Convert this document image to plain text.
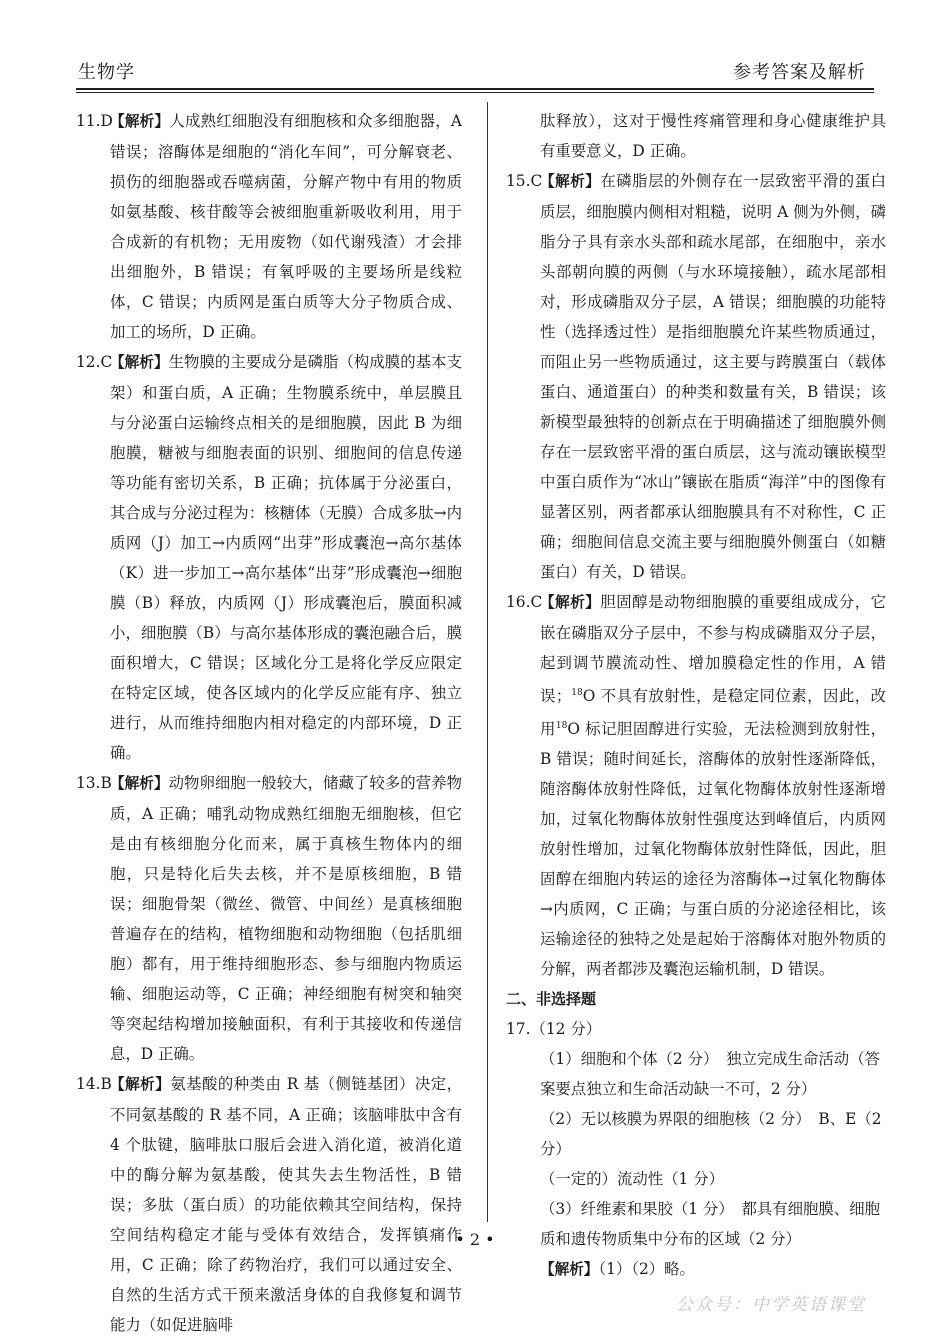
生物学	参考答案及解析
11.D
【解析】人成熟红细胞没有细胞核和众多细胞器，A 错误；溶酶体是细胞的“消化车间”，可分解衰老、损伤的细胞器或吞噬病菌，分解产物中有用的物质如氨基酸、核苷酸等会被细胞重新吸收利用，用于合成新的有机物；无用废物（如代谢残渣）才会排出细胞外，B 错误；有氧呼吸的主要场所是线粒体，C 错误；内质网是蛋白质等大分子物质合成、加工的场所，D 正确。
12.C
【解析】生物膜的主要成分是磷脂（构成膜的基本支架）和蛋白质，A 正确；生物膜系统中，单层膜且与分泌蛋白运输终点相关的是细胞膜，因此 B 为细胞膜，糖被与细胞表面的识别、细胞间的信息传递等功能有密切关系，B 正确；抗体属于分泌蛋白，其合成与分泌过程为：核糖体（无膜）合成多肽→内质网（J）加工→内质网“出芽”形成囊泡→高尔基体（K）进一步加工→高尔基体“出芽”形成囊泡→细胞膜（B）释放，内质网（J）形成囊泡后，膜面积减小，细胞膜（B）与高尔基体形成的囊泡融合后，膜面积增大，C 错误；区域化分工是将化学反应限定在特定区域，使各区域内的化学反应能有序、独立进行，从而维持细胞内相对稳定的内部环境，D 正确。
13.B
【解析】动物卵细胞一般较大，储藏了较多的营养物质，A 正确；哺乳动物成熟红细胞无细胞核，但它是由有核细胞分化而来，属于真核生物体内的细胞，只是特化后失去核，并不是原核细胞，B 错误；细胞骨架（微丝、微管、中间丝）是真核细胞普遍存在的结构，植物细胞和动物细胞（包括肌细胞）都有，用于维持细胞形态、参与细胞内物质运输、细胞运动等，C 正确；神经细胞有树突和轴突等突起结构增加接触面积，有利于其接收和传递信息，D 正确。
14.B
【解析】氨基酸的种类由 R 基（侧链基团）决定，不同氨基酸的 R 基不同，A 正确；该脑啡肽中含有 4 个肽键，脑啡肽口服后会进入消化道，被消化道中的酶分解为氨基酸，使其失去生物活性，B 错误；多肽（蛋白质）的功能依赖其空间结构，保持空间结构稳定才能与受体有效结合，发挥镇痛作用，C 正确；除了药物治疗，我们可以通过安全、自然的生活方式干预来激活身体的自我修复和调节能力（如促进脑啡
肽释放），这对于慢性疼痛管理和身心健康维护具有重要意义，D 正确。
15.C
【解析】在磷脂层的外侧存在一层致密平滑的蛋白质层，细胞膜内侧相对粗糙，说明 A 侧为外侧，磷脂分子具有亲水头部和疏水尾部，在细胞中，亲水头部朝向膜的两侧（与水环境接触），疏水尾部相对，形成磷脂双分子层，A 错误；细胞膜的功能特性（选择透过性）是指细胞膜允许某些物质通过，而阻止另一些物质通过，这主要与跨膜蛋白（载体蛋白、通道蛋白）的种类和数量有关，B 错误；该新模型最独特的创新点在于明确描述了细胞膜外侧存在一层致密平滑的蛋白质层，这与流动镶嵌模型中蛋白质作为“冰山”镶嵌在脂质“海洋”中的图像有显著区别，两者都承认细胞膜具有不对称性，C 正确；细胞间信息交流主要与细胞膜外侧蛋白（如糖蛋白）有关，D 错误。
16.C
【解析】胆固醇是动物细胞膜的重要组成成分，它嵌在磷脂双分子层中，不参与构成磷脂双分子层，起到调节膜流动性、增加膜稳定性的作用，A 错误；$^{18}$O 不具有放射性，是稳定同位素，因此，改用$^{18}$O 标记胆固醇进行实验，无法检测到放射性，B 错误；随时间延长，溶酶体的放射性逐渐降低，随溶酶体放射性降低，过氧化物酶体放射性逐渐增加，过氧化物酶体放射性强度达到峰值后，内质网放射性增加，过氧化物酶体放射性降低，因此，胆固醇在细胞内转运的途径为溶酶体→过氧化物酶体→内质网，C 正确；与蛋白质的分泌途径相比，该运输途径的独特之处是起始于溶酶体对胞外物质的分解，两者都涉及囊泡运输机制，D 错误。
二、非选择题
17.（12 分）
（1）细胞和个体（2 分）　独立完成生命活动（答案要点独立和生命活动缺一不可，2 分）
（2）无以核膜为界限的细胞核（2 分）　B、E（2 分）
（一定的）流动性（1 分）
（3）纤维素和果胶（1 分）　都具有细胞膜、细胞质和遗传物质集中分布的区域（2 分）
【解析】（1）（2）略。
• 2 •
公众号：中学英语课堂
